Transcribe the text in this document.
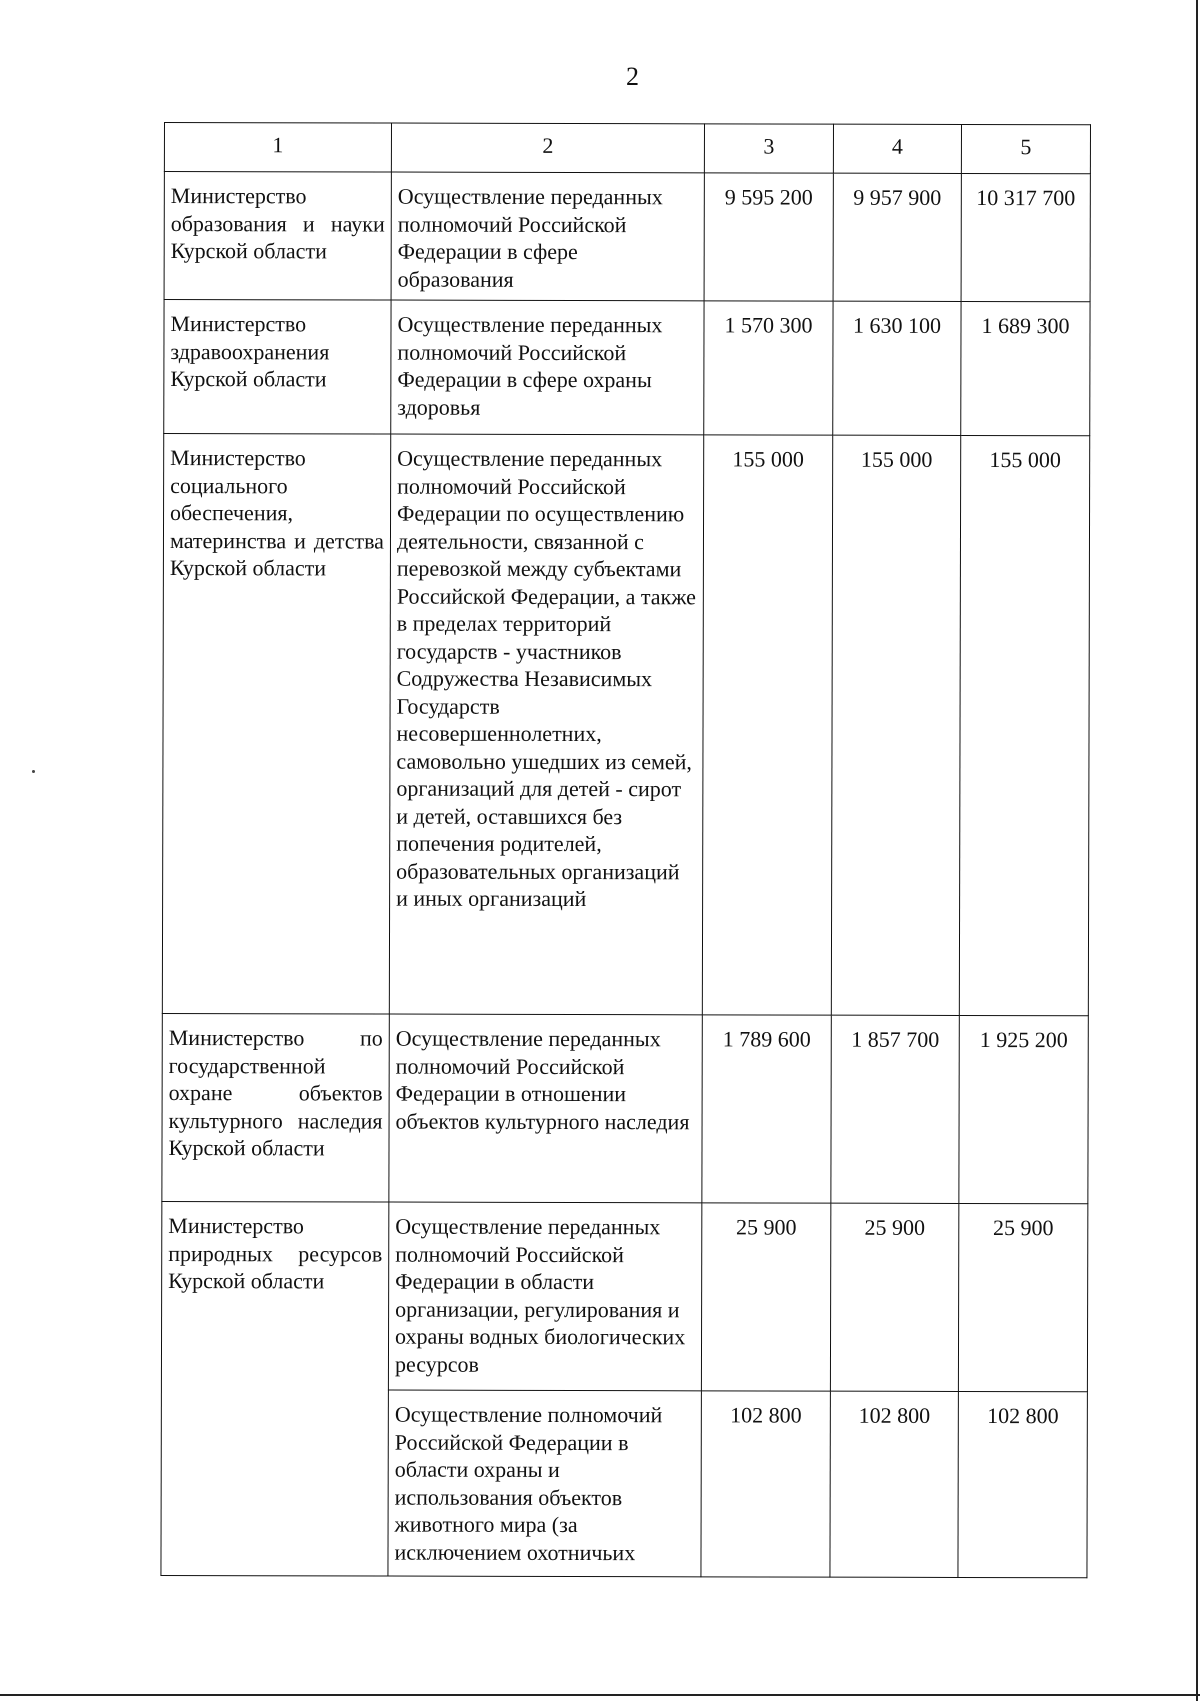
2
1	2	3	4	5
Министерство образования и науки Курской области	Осуществление переданных полномочий Российской Федерации в сфере образования	9 595 200	9 957 900	10 317 700
Министерство здравоохранения Курской области	Осуществление переданных полномочий Российской Федерации в сфере охраны здоровья	1 570 300	1 630 100	1 689 300
Министерство социального обеспечения, материнства и детства Курской области	Осуществление переданных полномочий Российской Федерации по осуществлению деятельности, связанной с перевозкой между субъектами Российской Федерации, а также в пределах территорий государств - участников Содружества Независимых Государств несовершеннолетних, самовольно ушедших из семей, организаций для детей - сирот и детей, оставшихся без попечения родителей, образовательных организаций и иных организаций	155 000	155 000	155 000
Министерство по государственной охране объектов культурного наследия Курской области	Осуществление переданных полномочий Российской Федерации в отношении объектов культурного наследия	1 789 600	1 857 700	1 925 200
Министерство природных ресурсов Курской области	Осуществление переданных полномочий Российской Федерации в области организации, регулирования и охраны водных биологических ресурсов	25 900	25 900	25 900
	Осуществление полномочий Российской Федерации в области охраны и использования объектов животного мира (за исключением охотничьих	102 800	102 800	102 800
